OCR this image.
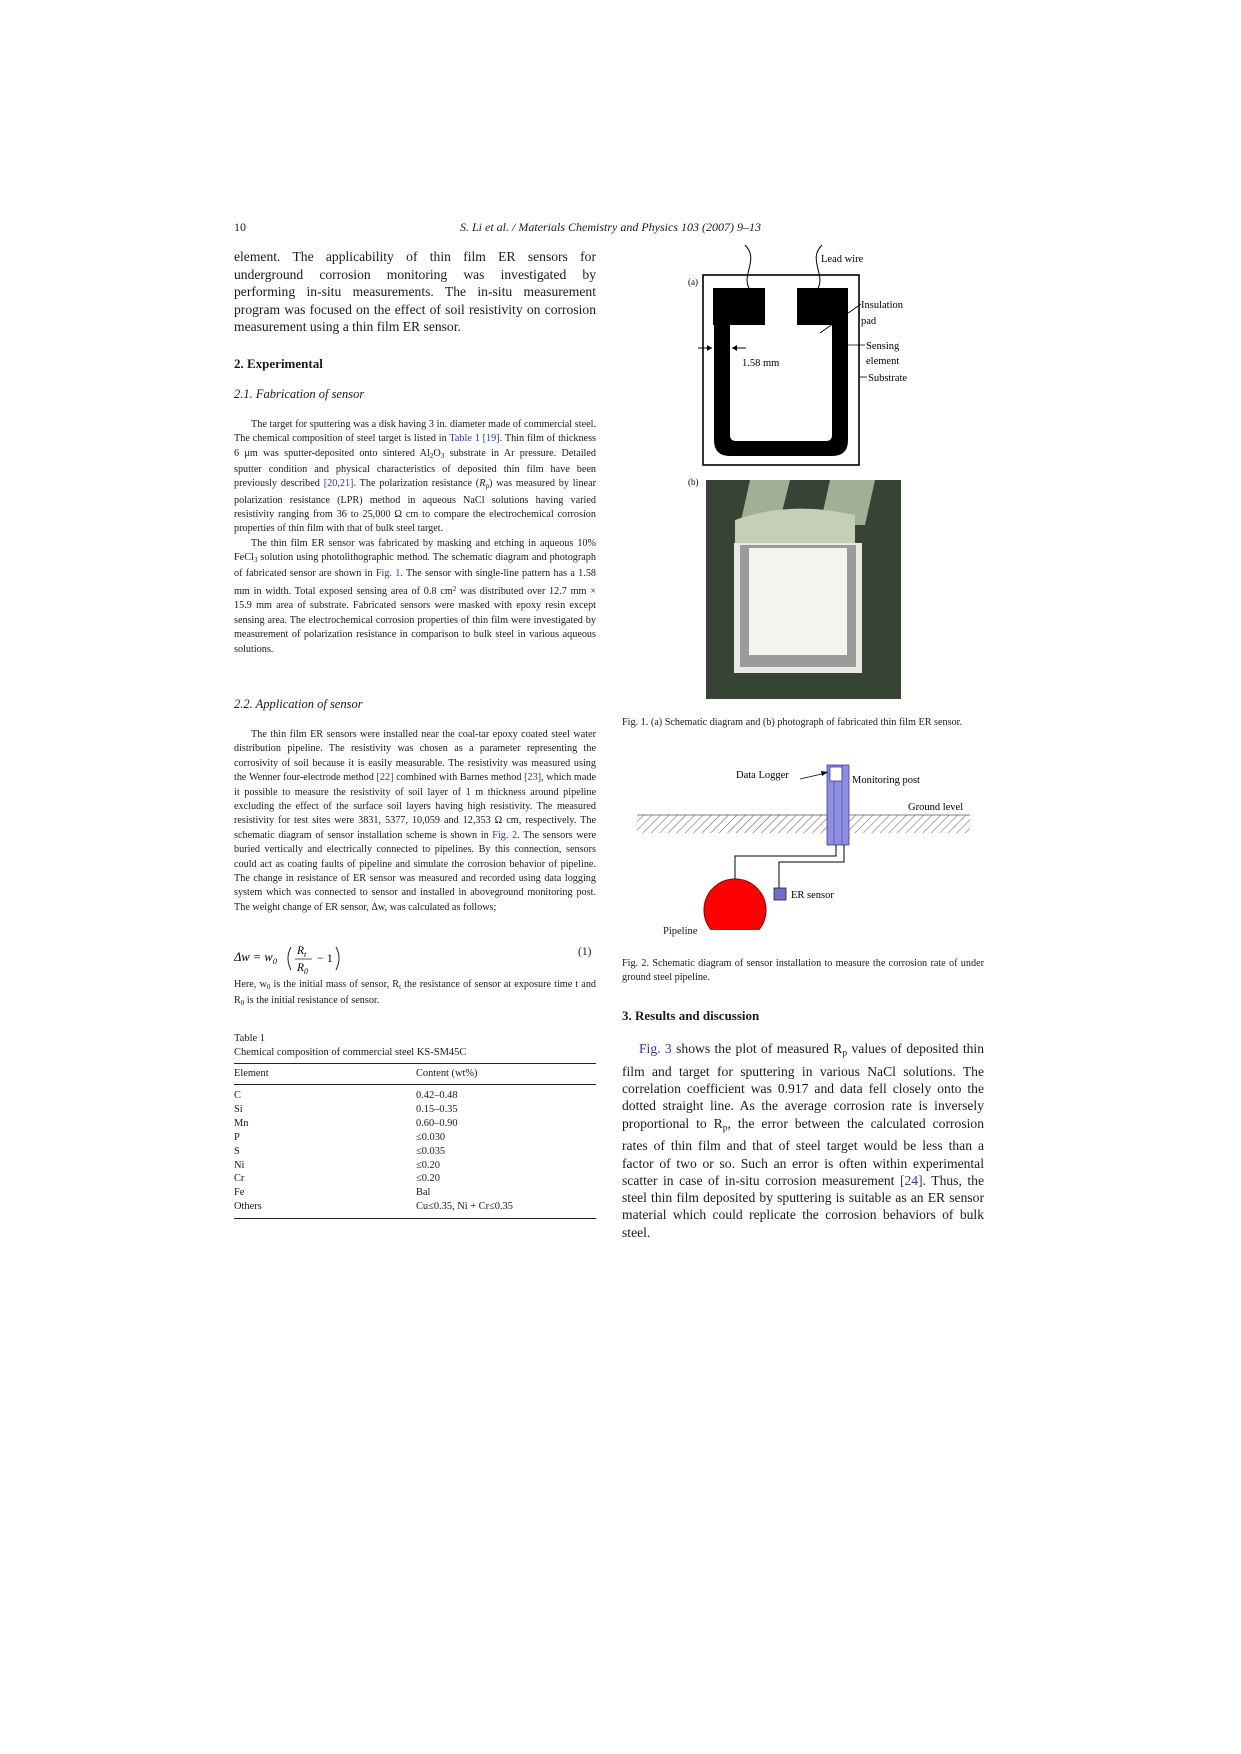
10	S. Li et al. / Materials Chemistry and Physics 103 (2007) 9–13
element. The applicability of thin film ER sensors for underground corrosion monitoring was investigated by performing in-situ measurements. The in-situ measurement program was focused on the effect of soil resistivity on corrosion measurement using a thin film ER sensor.
2. Experimental
2.1. Fabrication of sensor

The target for sputtering was a disk having 3 in. diameter made of commercial steel. The chemical composition of steel target is listed in Table 1 [19]. Thin film of thickness 6 μm was sputter-deposited onto sintered $Al_2O_3$ substrate in Ar pressure. Detailed sputter condition and physical characteristics of deposited thin film have been previously described [20,21]. The polarization resistance $(R_p)$ was measured by linear polarization resistance (LPR) method in aqueous NaCl solutions having varied resistivity ranging from 36 to 25,000 Ω cm to compare the electrochemical corrosion properties of thin film with that of bulk steel target.

The thin film ER sensor was fabricated by masking and etching in aqueous 10% FeCl$_3$ solution using photolithographic method. The schematic diagram and photograph of fabricated sensor are shown in Fig. 1. The sensor with single-line pattern has a 1.58 mm in width. Total exposed sensing area of 0.8 $cm^2$ was distributed over 12.7 mm × 15.9 mm area of substrate. Fabricated sensors were masked with epoxy resin except sensing area. The electrochemical corrosion properties of thin film were investigated by measurement of polarization resistance in comparison to bulk steel in various aqueous solutions.

2.2. Application of sensor

The thin film ER sensors were installed near the coal-tar epoxy coated steel water distribution pipeline. The resistivity was chosen as a parameter representing the corrosivity of soil because it is easily measurable. The resistivity was measured using the Wenner four-electrode method [22] combined with Barnes method [23], which made it possible to measure the resistivity of soil layer of 1 m thickness around pipeline excluding the effect of the surface soil layers having high resistivity. The measured resistivity for test sites were 3831, 5377, 10,059 and 12,353 Ω cm, respectively. The schematic diagram of sensor installation scheme is shown in Fig. 2. The sensors were buried vertically and electrically connected to pipelines. By this connection, sensors could act as coating faults of pipeline and simulate the corrosion behavior of pipeline. The change in resistance of ER sensor was measured and recorded using data logging system which was connected to sensor and installed in aboveground monitoring post. The weight change of ER sensor, Δw, was calculated as follows;

$\Delta w = w_0$
$R_t$
$R_0$
− 1	(1)
Here, $w_0$ is the initial mass of sensor, $R_t$ the resistance of sensor at exposure time t and $R_0$ is the initial resistance of sensor.
Table 1
Chemical composition of commercial steel KS-SM45C
Element	Content (wt%)
C	0.42–0.48
Si	0.15–0.35
Mn	0.60–0.90
P	≤0.030
S	≤0.035
Ni	≤0.20
Cr	≤0.20
Fe	Bal
Others	Cu≤0.35, Ni + Cr≤0.35
(a)
1.58 mm
Lead wire
Insulation
pad
Sensing
element
Substrate
(b)
Fig. 1. (a) Schematic diagram and (b) photograph of fabricated thin film ER sensor.
Data Logger	Monitoring post
Ground level
ER sensor
Pipeline
Fig. 2. Schematic diagram of sensor installation to measure the corrosion rate of under ground steel pipeline.
3. Results and discussion
Fig. 3 shows the plot of measured $R_p$ values of deposited thin film and target for sputtering in various NaCl solutions. The correlation coefficient was 0.917 and data fell closely onto the dotted straight line. As the average corrosion rate is inversely proportional to $R_p$, the error between the calculated corrosion rates of thin film and that of steel target would be less than a factor of two or so. Such an error is often within experimental scatter in case of in-situ corrosion measurement [24]. Thus, the steel thin film deposited by sputtering is suitable as an ER sensor material which could replicate the corrosion behaviors of bulk steel.
